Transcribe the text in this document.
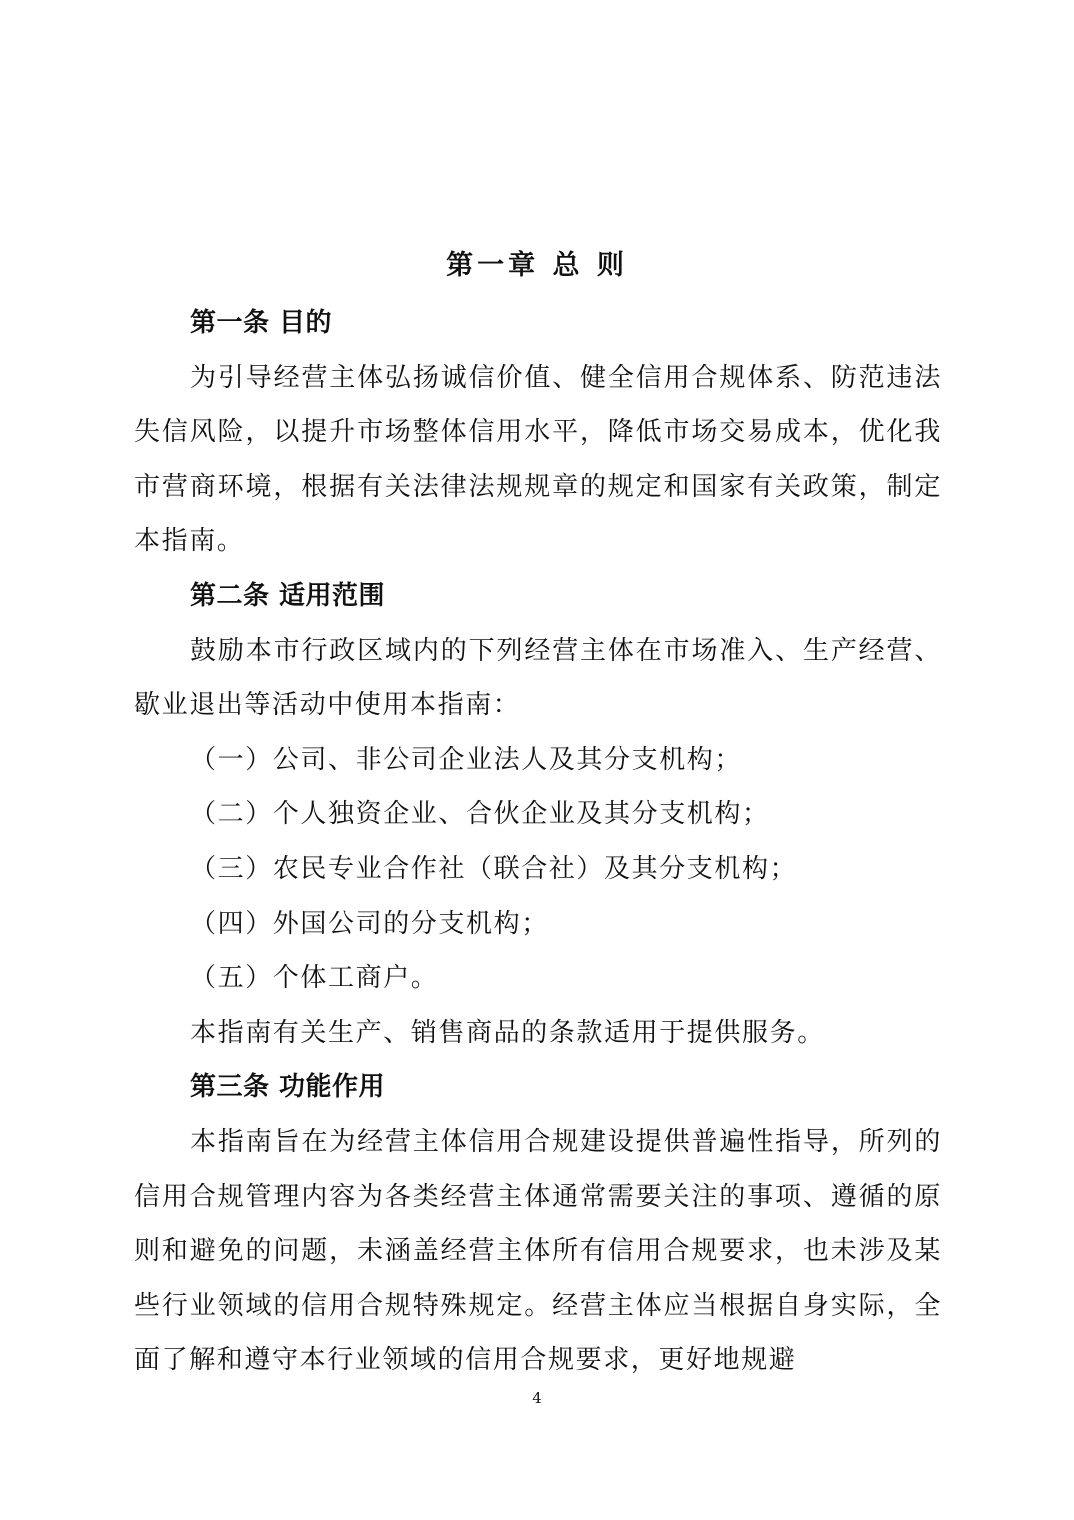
第一章 总 则

第一条 目的

为引导经营主体弘扬诚信价值、健全信用合规体系、防范违法失信风险，以提升市场整体信用水平，降低市场交易成本，优化我市营商环境，根据有关法律法规规章的规定和国家有关政策，制定本指南。

第二条 适用范围

鼓励本市行政区域内的下列经营主体在市场准入、生产经营、歇业退出等活动中使用本指南：

（一）公司、非公司企业法人及其分支机构；

（二）个人独资企业、合伙企业及其分支机构；

（三）农民专业合作社（联合社）及其分支机构；

（四）外国公司的分支机构；

（五）个体工商户。

本指南有关生产、销售商品的条款适用于提供服务。

第三条 功能作用

本指南旨在为经营主体信用合规建设提供普遍性指导，所列的信用合规管理内容为各类经营主体通常需要关注的事项、遵循的原则和避免的问题，未涵盖经营主体所有信用合规要求，也未涉及某些行业领域的信用合规特殊规定。经营主体应当根据自身实际，全面了解和遵守本行业领域的信用合规要求，更好地规避

4
